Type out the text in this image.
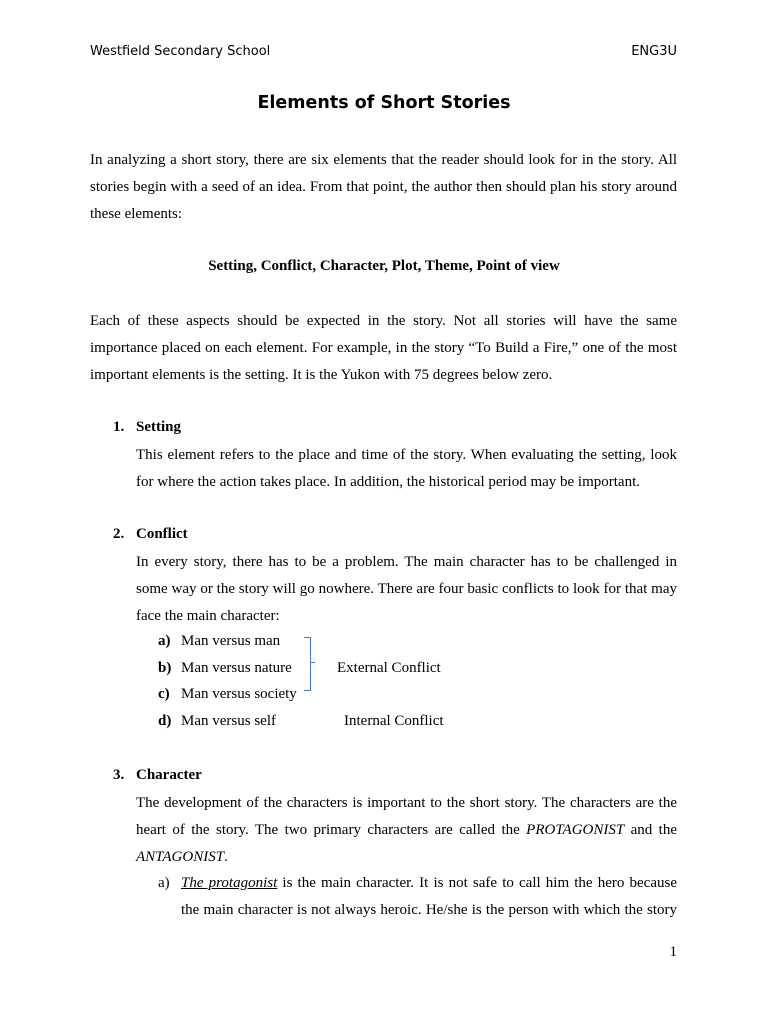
Westfield Secondary School	ENG3U
Elements of Short Stories
In analyzing a short story, there are six elements that the reader should look for in the story. All
stories begin with a seed of an idea. From that point, the author then should plan his story around
these elements:
Setting, Conflict, Character, Plot, Theme, Point of view
Each of these aspects should be expected in the story. Not all stories will have the same
importance placed on each element. For example, in the story “To Build a Fire,” one of the most
important elements is the setting. It is the Yukon with 75 degrees below zero.
1. Setting
This element refers to the place and time of the story. When evaluating the setting, look
for where the action takes place. In addition, the historical period may be important.
2. Conflict
In every story, there has to be a problem. The main character has to be challenged in
some way or the story will go nowhere. There are four basic conflicts to look for that may
face the main character:
a) Man versus man
b) Man versus nature
c) Man versus society
d) Man versus self
External Conflict
Internal Conflict
3. Character
The development of the characters is important to the short story. The characters are the
heart of the story. The two primary characters are called the PROTAGONIST and the
ANTAGONIST.
a) The protagonist is the main character. It is not safe to call him the hero because
the main character is not always heroic. He/she is the person with which the story
1
